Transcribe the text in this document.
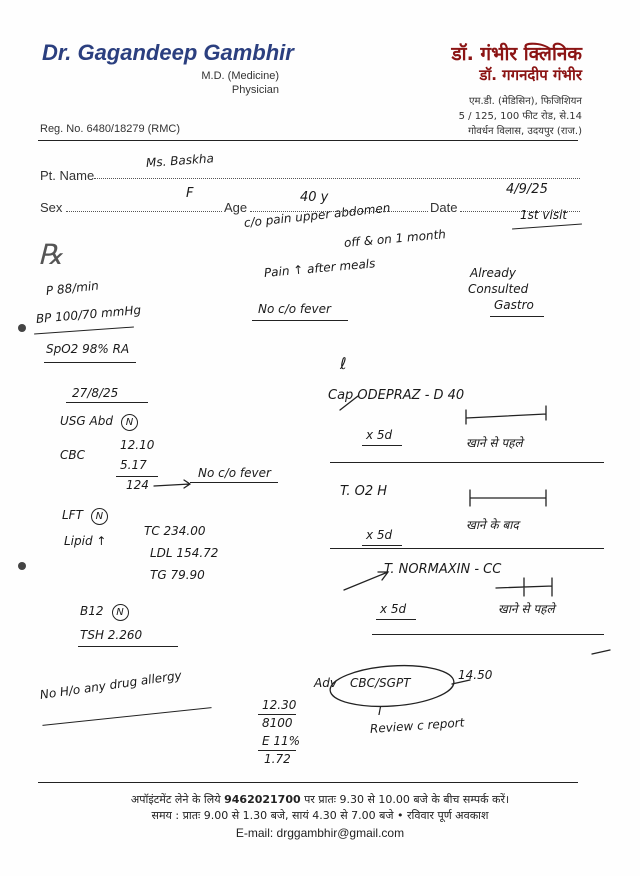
Dr. Gagandeep Gambhir
M.D. (Medicine)
Physician
डॉ. गंभीर क्लिनिक
डॉ. गगनदीप गंभीर
एम.डी. (मेडिसिन), फिजिशियन
5 / 125, 100 फीट रोड, से.14
गोवर्धन विलास, उदयपुर (राज.)
Reg. No. 6480/18279 (RMC)
Pt. Name
Sex	Age	Date
Ms. Baskha
F	40 y
4/9/25
1st visit
c/o pain upper abdomen
off & on 1 month
℞	Pain ↑ after meals
No c/o fever
Already
Consulted
Gastro
P 88/min
BP 100/70 mmHg
SpO2 98% RA
ℓ
27/8/25
USG Abd N
CBC
12.10
5.17
124
No c/o fever
LFT N
Lipid ↑
TC 234.00
LDL 154.72
TG 79.90
B12 N
TSH 2.260
No H/o any drug allergy
12.30
8100
E 11%
1.72
Adv CBC/SGPT
14.50
I
Review c report
Cap ODEPRAZ - D 40
x 5d
खाने से पहले
T. O2 H
खाने के बाद
x 5d
T. NORMAXIN - CC
x 5d	खाने से पहले
अपॉइंटमेंट लेने के लिये 9462021700 पर प्रातः 9.30 से 10.00 बजे के बीच सम्पर्क करें।
समय : प्रातः 9.00 से 1.30 बजे, सायं 4.30 से 7.00 बजे • रविवार पूर्ण अवकाश
E-mail: drggambhir@gmail.com
